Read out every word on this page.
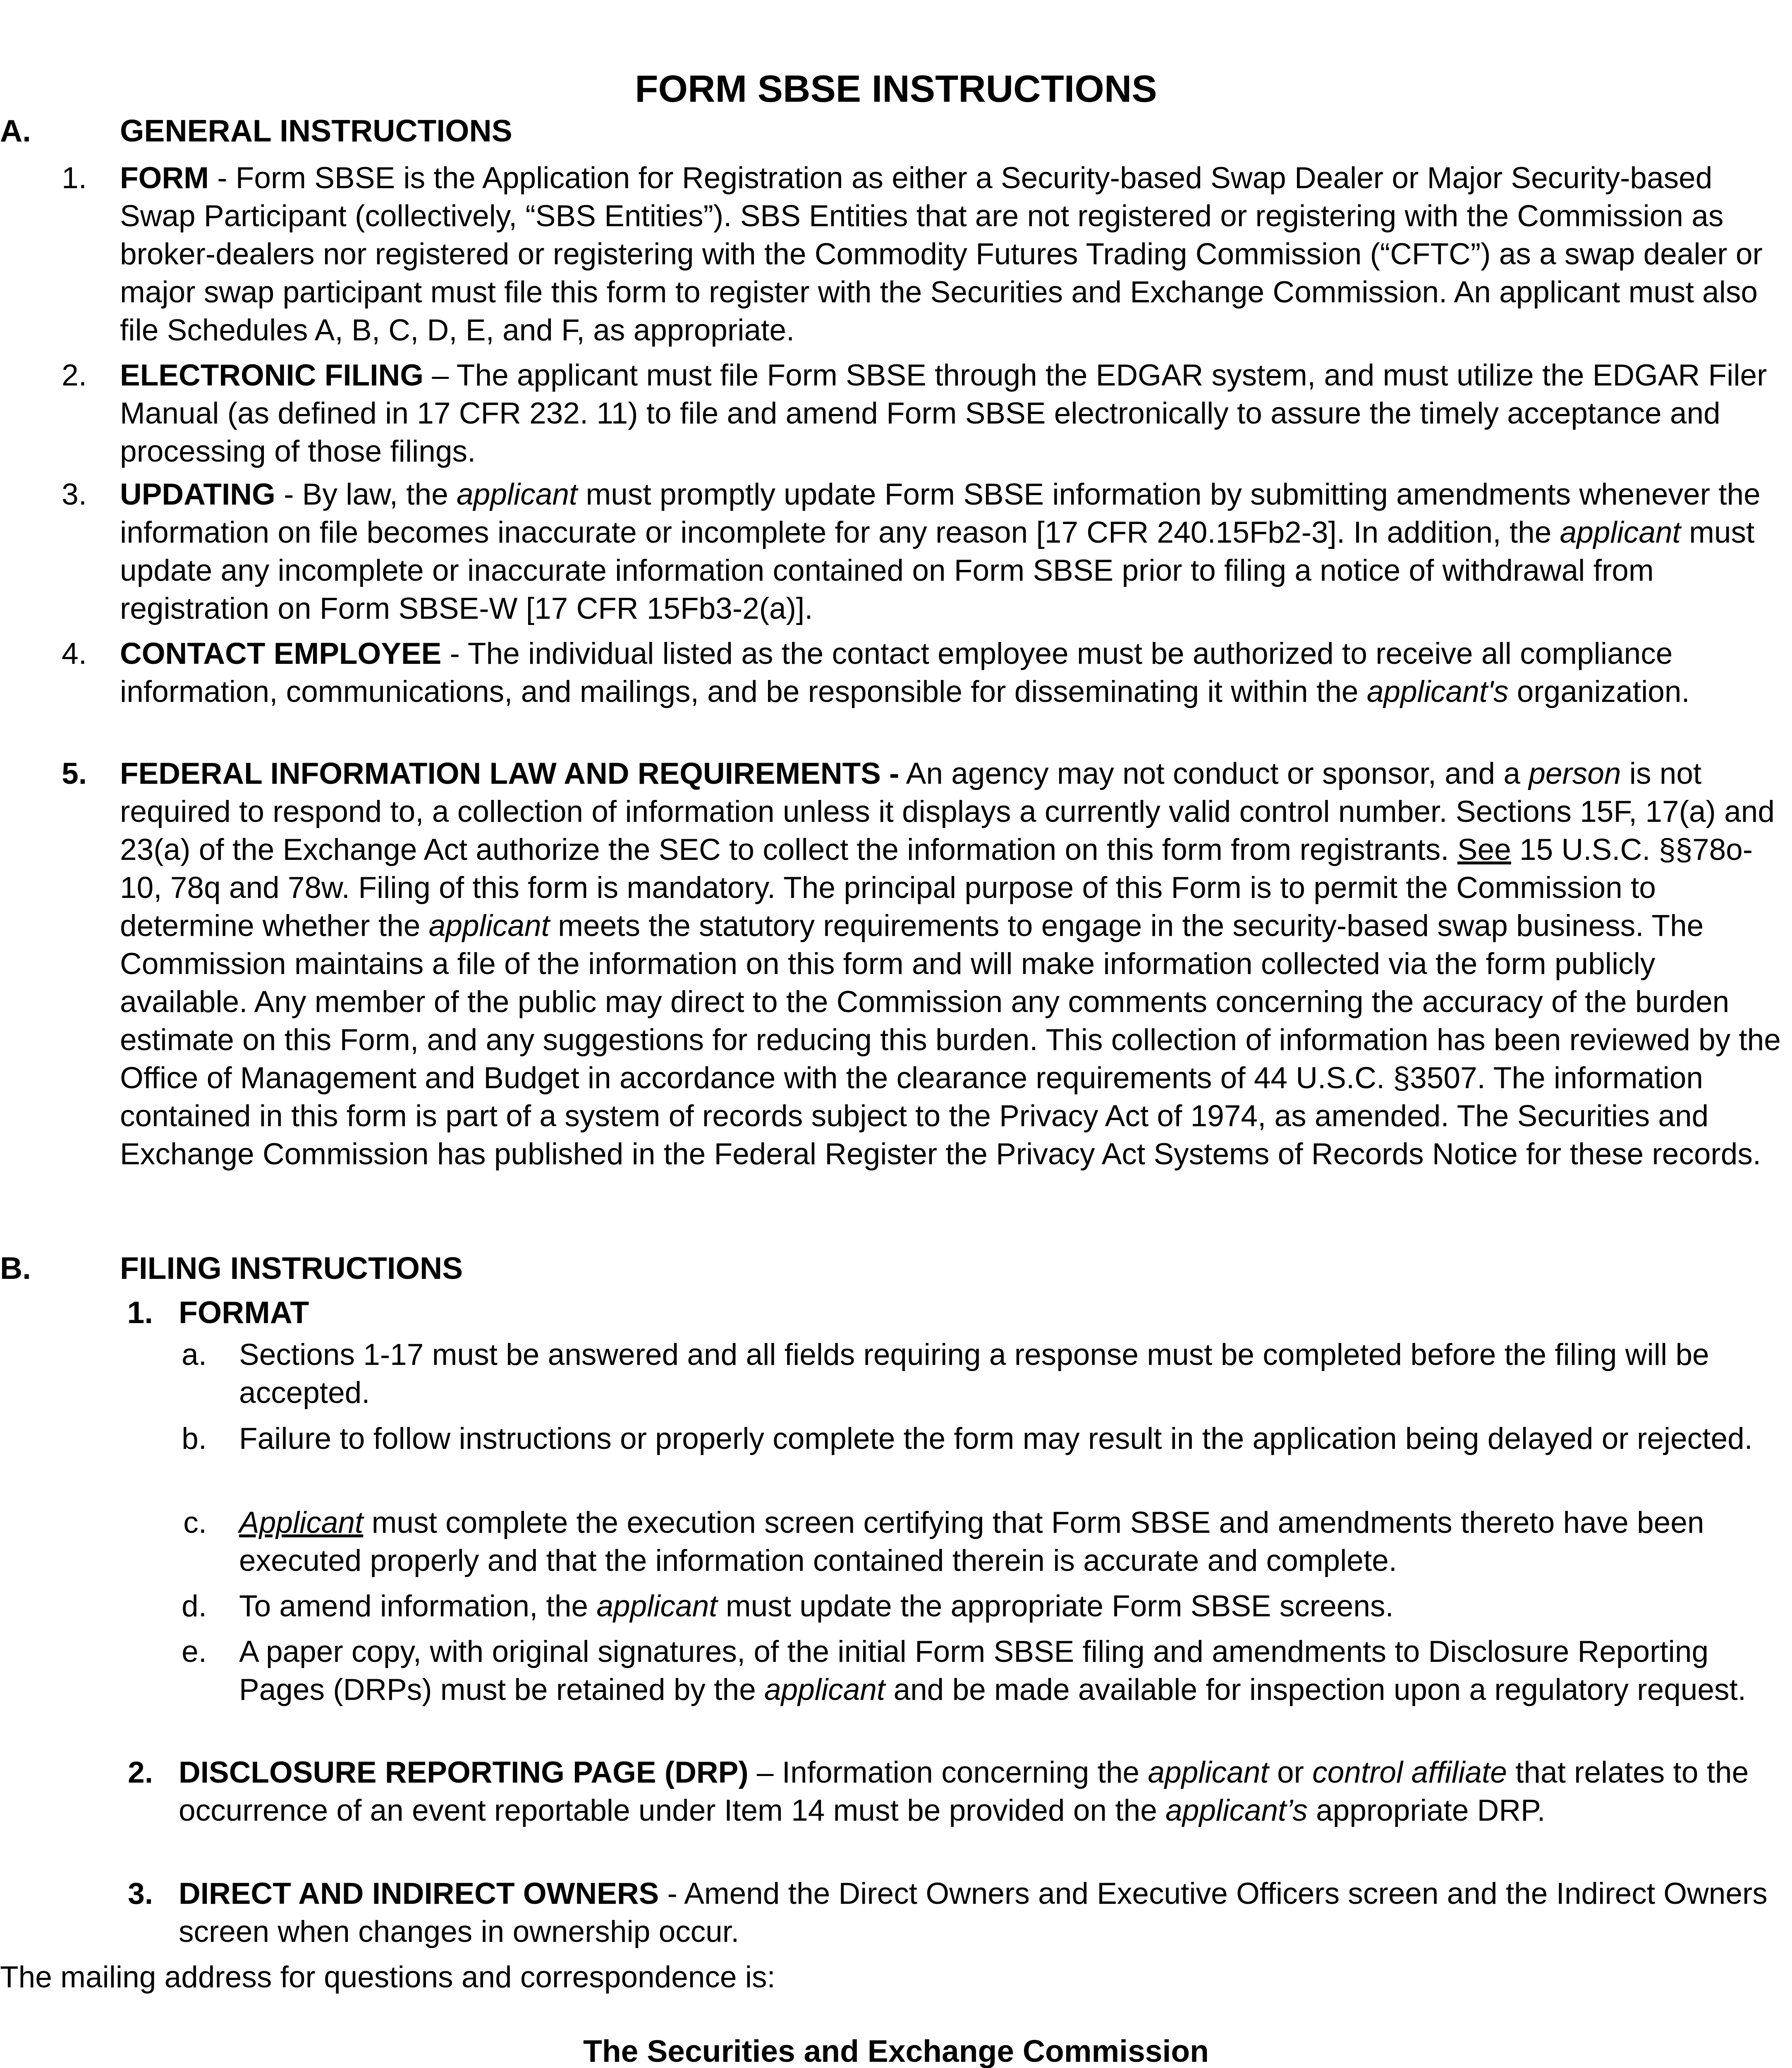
FORM SBSE INSTRUCTIONS
A.	GENERAL INSTRUCTIONS
1. FORM - Form SBSE is the Application for Registration as either a Security-based Swap Dealer or Major Security-based Swap Participant (collectively, “SBS Entities”). SBS Entities that are not registered or registering with the Commission as broker-dealers nor registered or registering with the Commodity Futures Trading Commission (“CFTC”) as a swap dealer or major swap participant must file this form to register with the Securities and Exchange Commission. An applicant must also file Schedules A, B, C, D, E, and F, as appropriate.
2. ELECTRONIC FILING – The applicant must file Form SBSE through the EDGAR system, and must utilize the EDGAR Filer Manual (as defined in 17 CFR 232. 11) to file and amend Form SBSE electronically to assure the timely acceptance and processing of those filings.
3. UPDATING - By law, the applicant must promptly update Form SBSE information by submitting amendments whenever the information on file becomes inaccurate or incomplete for any reason [17 CFR 240.15Fb2-3]. In addition, the applicant must update any incomplete or inaccurate information contained on Form SBSE prior to filing a notice of withdrawal from registration on Form SBSE-W [17 CFR 15Fb3-2(a)].
4. CONTACT EMPLOYEE - The individual listed as the contact employee must be authorized to receive all compliance information, communications, and mailings, and be responsible for disseminating it within the applicant's organization.
5. FEDERAL INFORMATION LAW AND REQUIREMENTS - An agency may not conduct or sponsor, and a person is not required to respond to, a collection of information unless it displays a currently valid control number. Sections 15F, 17(a) and 23(a) of the Exchange Act authorize the SEC to collect the information on this form from registrants. See 15 U.S.C. §§78o-10, 78q and 78w. Filing of this form is mandatory. The principal purpose of this Form is to permit the Commission to determine whether the applicant meets the statutory requirements to engage in the security-based swap business. The Commission maintains a file of the information on this form and will make information collected via the form publicly available. Any member of the public may direct to the Commission any comments concerning the accuracy of the burden estimate on this Form, and any suggestions for reducing this burden. This collection of information has been reviewed by the Office of Management and Budget in accordance with the clearance requirements of 44 U.S.C. §3507. The information contained in this form is part of a system of records subject to the Privacy Act of 1974, as amended. The Securities and Exchange Commission has published in the Federal Register the Privacy Act Systems of Records Notice for these records.
B.	FILING INSTRUCTIONS
1. FORMAT
a. Sections 1-17 must be answered and all fields requiring a response must be completed before the filing will be accepted.
b. Failure to follow instructions or properly complete the form may result in the application being delayed or rejected.
c. Applicant must complete the execution screen certifying that Form SBSE and amendments thereto have been executed properly and that the information contained therein is accurate and complete.
d. To amend information, the applicant must update the appropriate Form SBSE screens.
e. A paper copy, with original signatures, of the initial Form SBSE filing and amendments to Disclosure Reporting Pages (DRPs) must be retained by the applicant and be made available for inspection upon a regulatory request.
2. DISCLOSURE REPORTING PAGE (DRP) – Information concerning the applicant or control affiliate that relates to the occurrence of an event reportable under Item 14 must be provided on the applicant’s appropriate DRP.
3. DIRECT AND INDIRECT OWNERS - Amend the Direct Owners and Executive Officers screen and the Indirect Owners screen when changes in ownership occur.
The mailing address for questions and correspondence is:
The Securities and Exchange Commission
